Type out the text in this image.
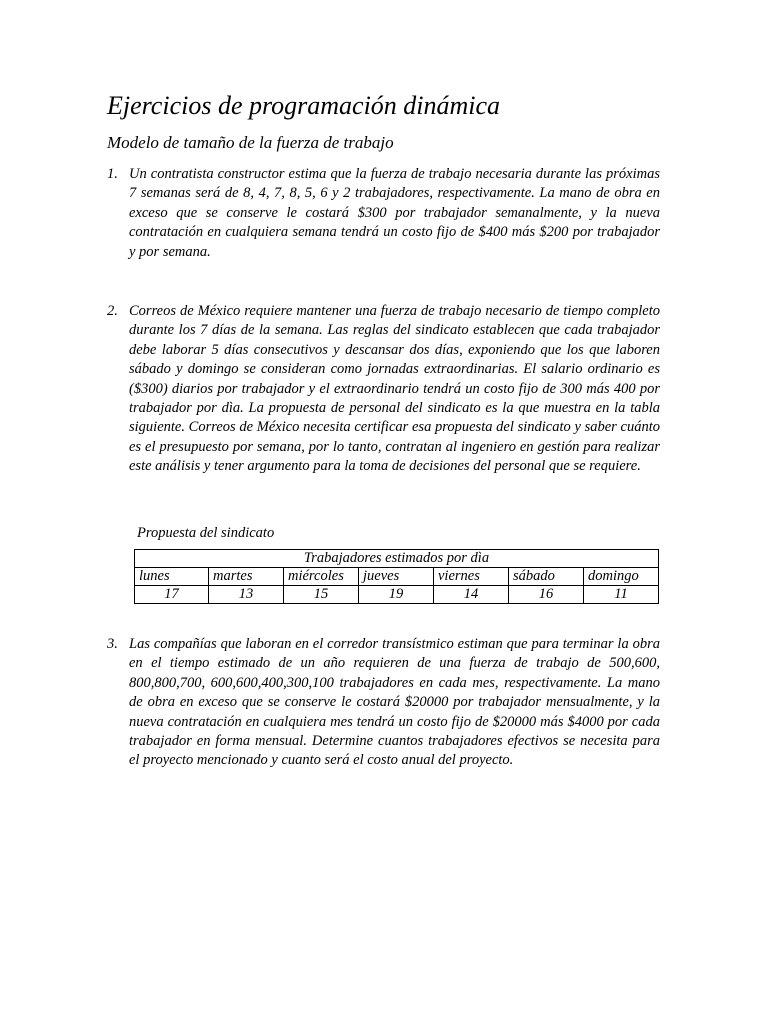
Ejercicios de programación dinámica
Modelo de tamaño de la fuerza de trabajo
1. Un contratista constructor estima que la fuerza de trabajo necesaria durante las próximas 7 semanas será de 8, 4, 7, 8, 5, 6 y 2 trabajadores, respectivamente. La mano de obra en exceso que se conserve le costará $300 por trabajador semanalmente, y la nueva contratación en cualquiera semana tendrá un costo fijo de $400 más $200 por trabajador y por semana.
2. Correos de México requiere mantener una fuerza de trabajo necesario de tiempo completo durante los 7 días de la semana. Las reglas del sindicato establecen que cada trabajador debe laborar 5 días consecutivos y descansar dos días, exponiendo que los que laboren sábado y domingo se consideran como jornadas extraordinarias. El salario ordinario es ($300) diarios por trabajador y el extraordinario tendrá un costo fijo de 300 más 400 por trabajador por dìa. La propuesta de personal del sindicato es la que muestra en la tabla siguiente. Correos de México necesita certificar esa propuesta del sindicato y saber cuánto es el presupuesto por semana, por lo tanto, contratan al ingeniero en gestión para realizar este análisis y tener argumento para la toma de decisiones del personal que se requiere.
Propuesta del sindicato
Trabajadores estimados por dìa						
lunes	martes	miércoles	jueves	viernes	sábado	domingo
17	13	15	19	14	16	11
3. Las compañías que laboran en el corredor transístmico estiman que para terminar la obra en el tiempo estimado de un año requieren de una fuerza de trabajo de 500,600, 800,800,700, 600,600,400,300,100 trabajadores en cada mes, respectivamente. La mano de obra en exceso que se conserve le costará $20000 por trabajador mensualmente, y la nueva contratación en cualquiera mes tendrá un costo fijo de $20000 más $4000 por cada trabajador en forma mensual. Determine cuantos trabajadores efectivos se necesita para el proyecto mencionado y cuanto será el costo anual del proyecto.
